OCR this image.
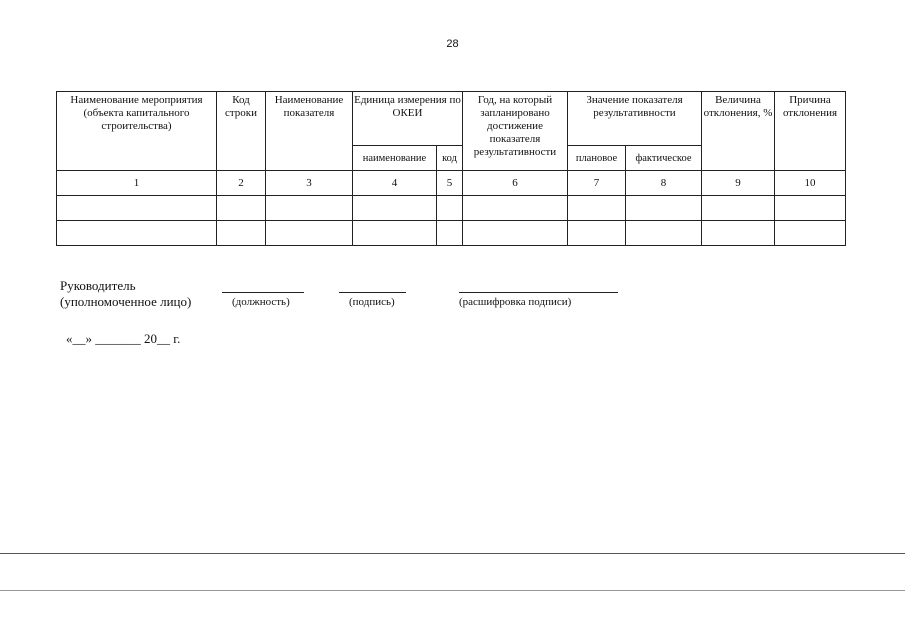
28
Наименование мероприятия (объекта капитального строительства)	Код строки	Наименование показателя	Единица измерения по ОКЕИ		Год, на который запланировано достижение показателя результативности	Значение показателя результативности		Величина отклонения, %	Причина отклонения
			наименование	код		плановое	фактическое		
1	2	3	4	5	6	7	8	9	10

Руководитель
(уполномоченное лицо)	(должность)	(подпись)	(расшифровка подписи)
«__» _______ 20__ г.
